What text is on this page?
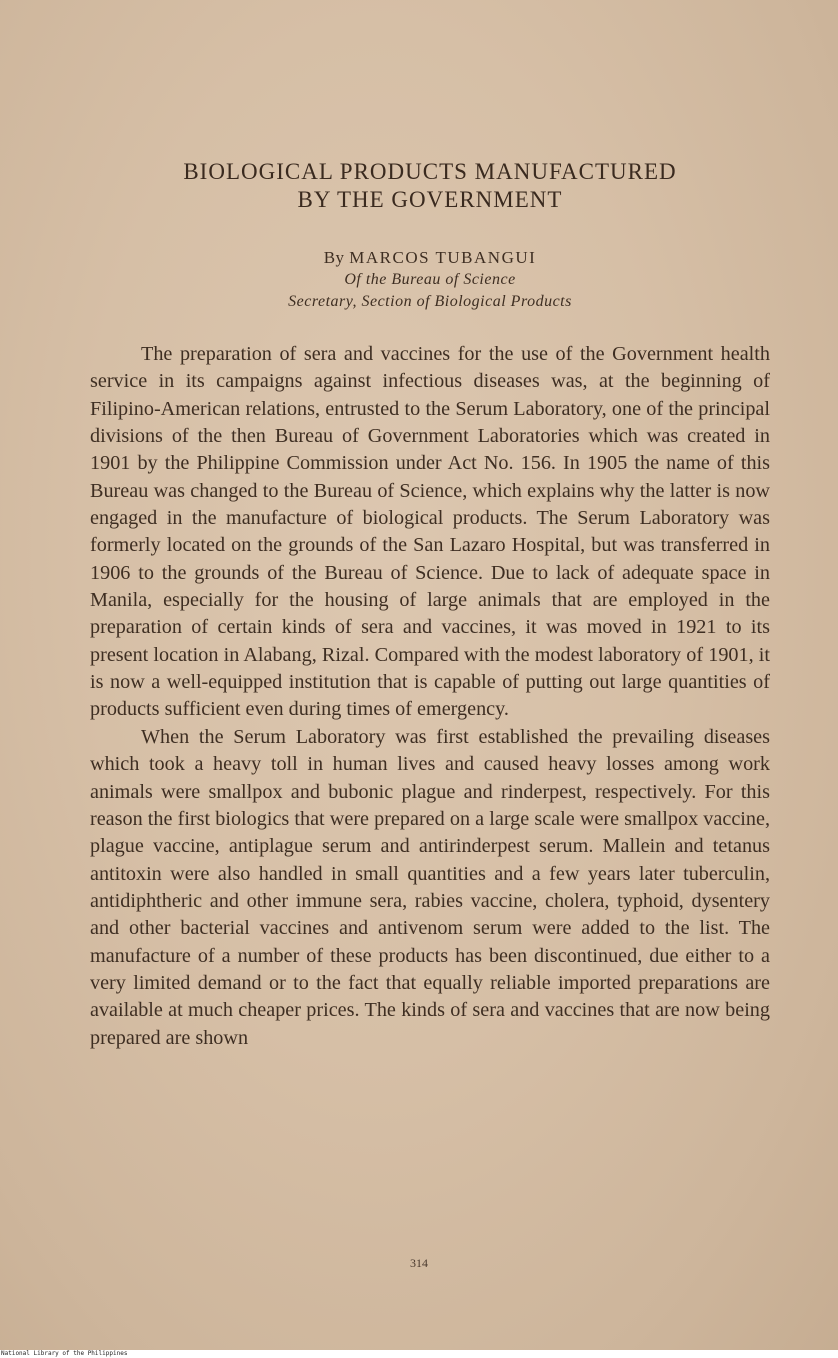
BIOLOGICAL PRODUCTS MANUFACTURED
BY THE GOVERNMENT
By MARCOS TUBANGUI
Of the Bureau of Science
Secretary, Section of Biological Products

The preparation of sera and vaccines for the use of the Government health service in its campaigns against infectious diseases was, at the beginning of Filipino-American relations, entrusted to the Serum Laboratory, one of the principal divisions of the then Bureau of Government Laboratories which was created in 1901 by the Philippine Commission under Act No. 156. In 1905 the name of this Bureau was changed to the Bureau of Science, which explains why the latter is now engaged in the manufacture of biological products. The Serum Laboratory was formerly located on the grounds of the San Lazaro Hospital, but was transferred in 1906 to the grounds of the Bureau of Science. Due to lack of adequate space in Manila, especially for the housing of large animals that are employed in the preparation of certain kinds of sera and vaccines, it was moved in 1921 to its present location in Alabang, Rizal. Compared with the modest laboratory of 1901, it is now a well-equipped institution that is capable of putting out large quantities of products sufficient even during times of emergency.

When the Serum Laboratory was first established the prevailing diseases which took a heavy toll in human lives and caused heavy losses among work animals were smallpox and bubonic plague and rinderpest, respectively. For this reason the first biologics that were prepared on a large scale were smallpox vaccine, plague vaccine, antiplague serum and antirinderpest serum. Mallein and tetanus antitoxin were also handled in small quantities and a few years later tuberculin, antidiphtheric and other immune sera, rabies vaccine, cholera, typhoid, dysentery and other bacterial vaccines and antivenom serum were added to the list. The manufacture of a number of these products has been discontinued, due either to a very limited demand or to the fact that equally reliable imported preparations are available at much cheaper prices. The kinds of sera and vaccines that are now being prepared are shown

314
National Library of the Philippines
